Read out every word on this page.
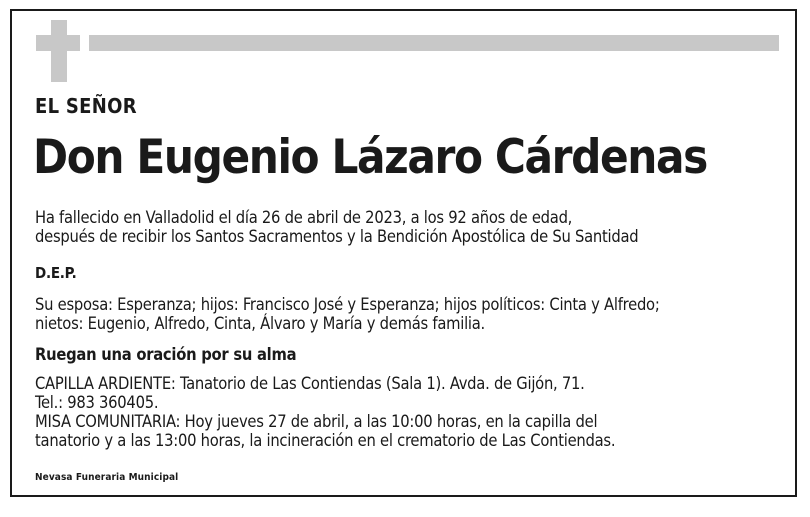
EL SEÑOR
Don Eugenio Lázaro Cárdenas
Ha fallecido en Valladolid el día 26 de abril de 2023, a los 92 años de edad,
después de recibir los Santos Sacramentos y la Bendición Apostólica de Su Santidad
D.E.P.
Su esposa: Esperanza; hijos: Francisco José y Esperanza; hijos políticos: Cinta y Alfredo;
nietos: Eugenio, Alfredo, Cinta, Álvaro y María y demás familia.
Ruegan una oración por su alma
CAPILLA ARDIENTE: Tanatorio de Las Contiendas (Sala 1). Avda. de Gijón, 71.
Tel.: 983 360405.
MISA COMUNITARIA: Hoy jueves 27 de abril, a las 10:00 horas, en la capilla del
tanatorio y a las 13:00 horas, la incineración en el crematorio de Las Contiendas.
Nevasa Funeraria Municipal
